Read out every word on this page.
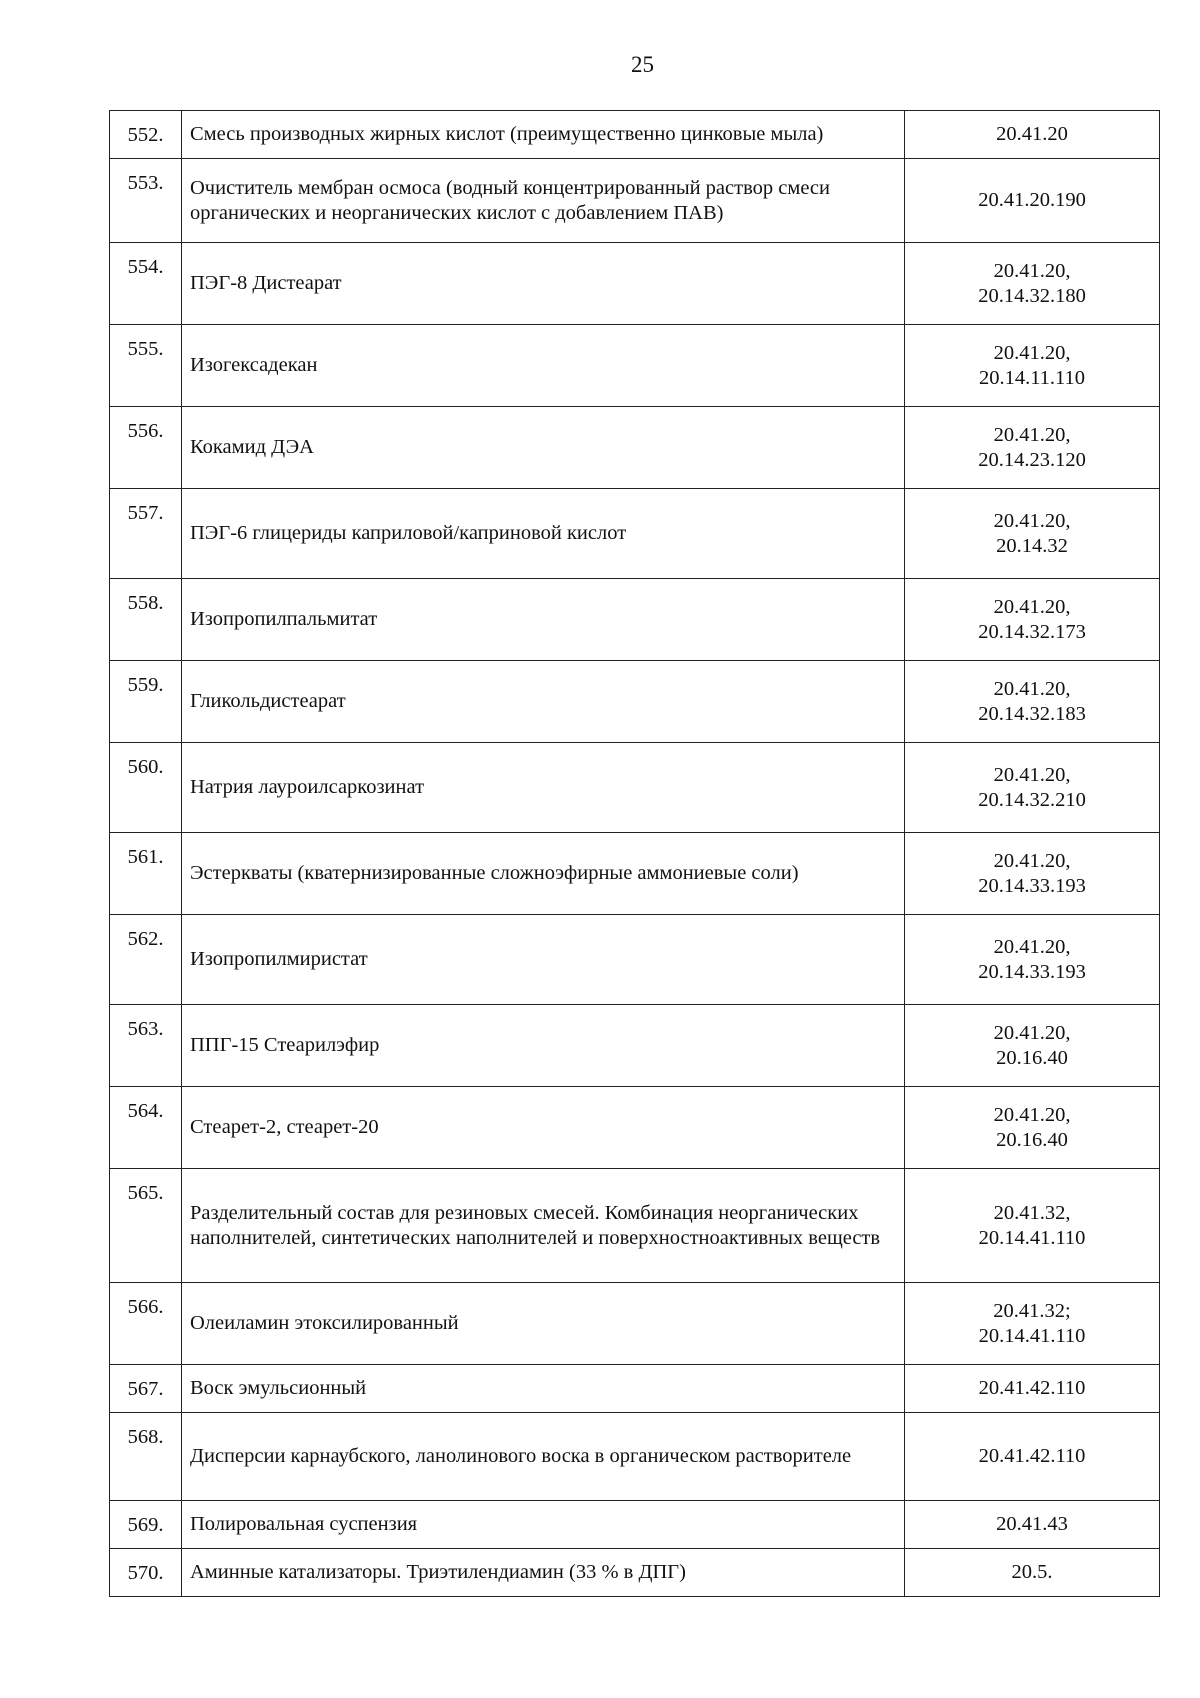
25
552.	Смесь производных жирных кислот (преимущественно цинковые мыла)	20.41.20

553.	Очиститель мембран осмоса (водный концентрированный раствор смеси органических и неорганических кислот с добавлением ПАВ)	20.41.20.190

554.	ПЭГ-8 Дистеарат	20.41.20,
20.14.32.180

555.	Изогексадекан	20.41.20,
20.14.11.110

556.	Кокамид ДЭА	20.41.20,
20.14.23.120

557.	ПЭГ-6 глицериды каприловой/каприновой кислот	20.41.20,
20.14.32

558.	Изопропилпальмитат	20.41.20,
20.14.32.173

559.	Гликольдистеарат	20.41.20,
20.14.32.183

560.	Натрия лауроилсаркозинат	20.41.20,
20.14.32.210

561.	Эстерквaты (кватернизированные сложноэфирные аммониевые соли)	20.41.20,
20.14.33.193

562.	Изопропилмиристат	20.41.20,
20.14.33.193

563.	ППГ-15 Стеарилэфир	20.41.20,
20.16.40

564.	Стеарет-2, стеарет-20	20.41.20,
20.16.40

565.	Разделительный состав для резиновых смесей. Комбинация неорганических наполнителей, синтетических наполнителей и поверхностноактивных веществ	20.41.32,
20.14.41.110

566.	Олеиламин этоксилированный	20.41.32;
20.14.41.110

567.	Воск эмульсионный	20.41.42.110

568.	Дисперсии карнаубского, ланолинового воска в органическом растворителе	20.41.42.110

569.	Полировальная суспензия	20.41.43

570.	Аминные катализаторы. Триэтилендиамин (33 % в ДПГ)	20.5.
